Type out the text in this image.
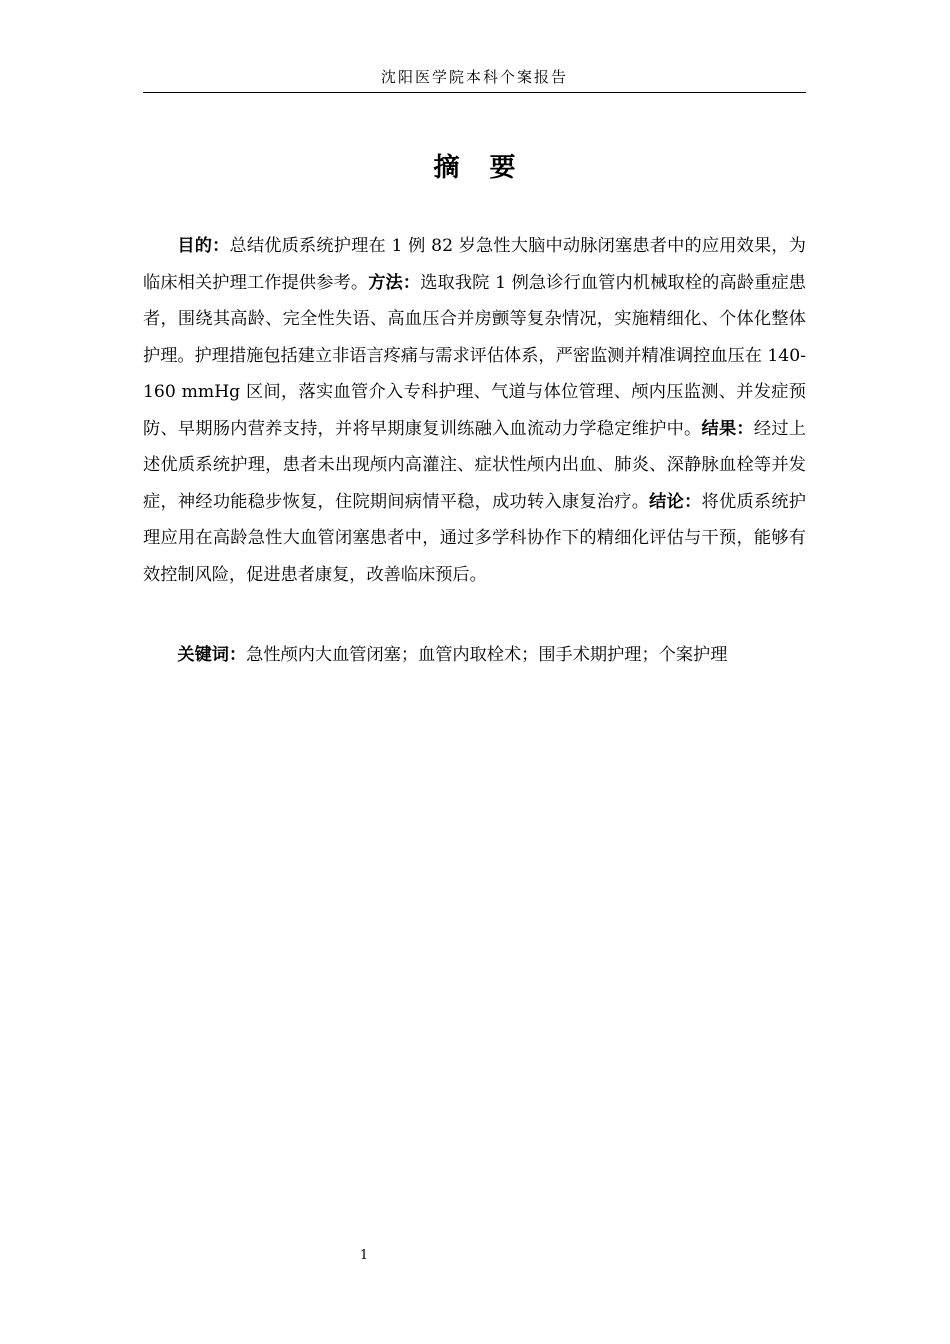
沈阳医学院本科个案报告
摘要

目的：总结优质系统护理在 1 例 82 岁急性大脑中动脉闭塞患者中的应用效果，为临床相关护理工作提供参考。方法：选取我院 1 例急诊行血管内机械取栓的高龄重症患者，围绕其高龄、完全性失语、高血压合并房颤等复杂情况，实施精细化、个体化整体护理。护理措施包括建立非语言疼痛与需求评估体系，严密监测并精准调控血压在 140-160 mmHg 区间，落实血管介入专科护理、气道与体位管理、颅内压监测、并发症预防、早期肠内营养支持，并将早期康复训练融入血流动力学稳定维护中。结果：经过上述优质系统护理，患者未出现颅内高灌注、症状性颅内出血、肺炎、深静脉血栓等并发症，神经功能稳步恢复，住院期间病情平稳，成功转入康复治疗。结论：将优质系统护理应用在高龄急性大血管闭塞患者中，通过多学科协作下的精细化评估与干预，能够有效控制风险，促进患者康复，改善临床预后。

关键词：急性颅内大血管闭塞；血管内取栓术；围手术期护理；个案护理

1
